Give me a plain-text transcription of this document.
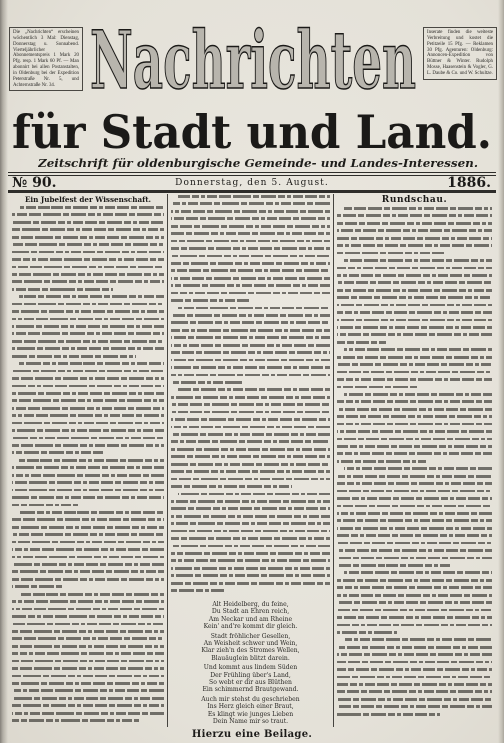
Die „Nachrichten“ erscheinen wöchentlich 3 Mal: Dienstag, Donnerstag u. Sonnabend. Vierteljährlicher Abonnementspreis 1 Mark 20 Pfg. resp. 1 Mark 60 Pf. — Man abonnirt bei allen Postanstalten, in Oldenburg bei der Expedition Peterstraße Nr. 5, und Achternstraße Nr. 34.
Inserate finden die weiteste Verbreitung und kostet die Petitzeile 15 Pfg. — Reklamen 30 Pfg. Agenturen: Oldenburg: Annoncen-Expedition von Büttner & Winter. Rudolph Mosse, Haasenstein & Vogler, G. L. Daube & Co. und W. Schultze.
Nachrichten
für Stadt und Land.
Zeitschrift für oldenburgische Gemeinde- und Landes-Interessen.
№ 90.	Donnerstag, den 5. August.	1886.
Ein Jubelfest der Wissenschaft.	Rundschau.
Alt Heidelberg, du feine,
Du Stadt an Ehren reich,
Am Neckar und am Rheine
Kein' and're kommt dir gleich.
Stadt fröhlicher Gesellen,
An Weisheit schwer und Wein,
Klar zieh'n des Stromes Wellen,
Blauäuglein blitzt darein.
Und kommt aus lindem Süden
Der Frühling über's Land,
So webt er dir aus Blüthen
Ein schimmernd Brautgewand.
Auch mir stehst du geschrieben
Ins Herz gleich einer Braut,
Es klingt wie junges Lieben
Dein Name mir so traut.
Hierzu eine Beilage.
